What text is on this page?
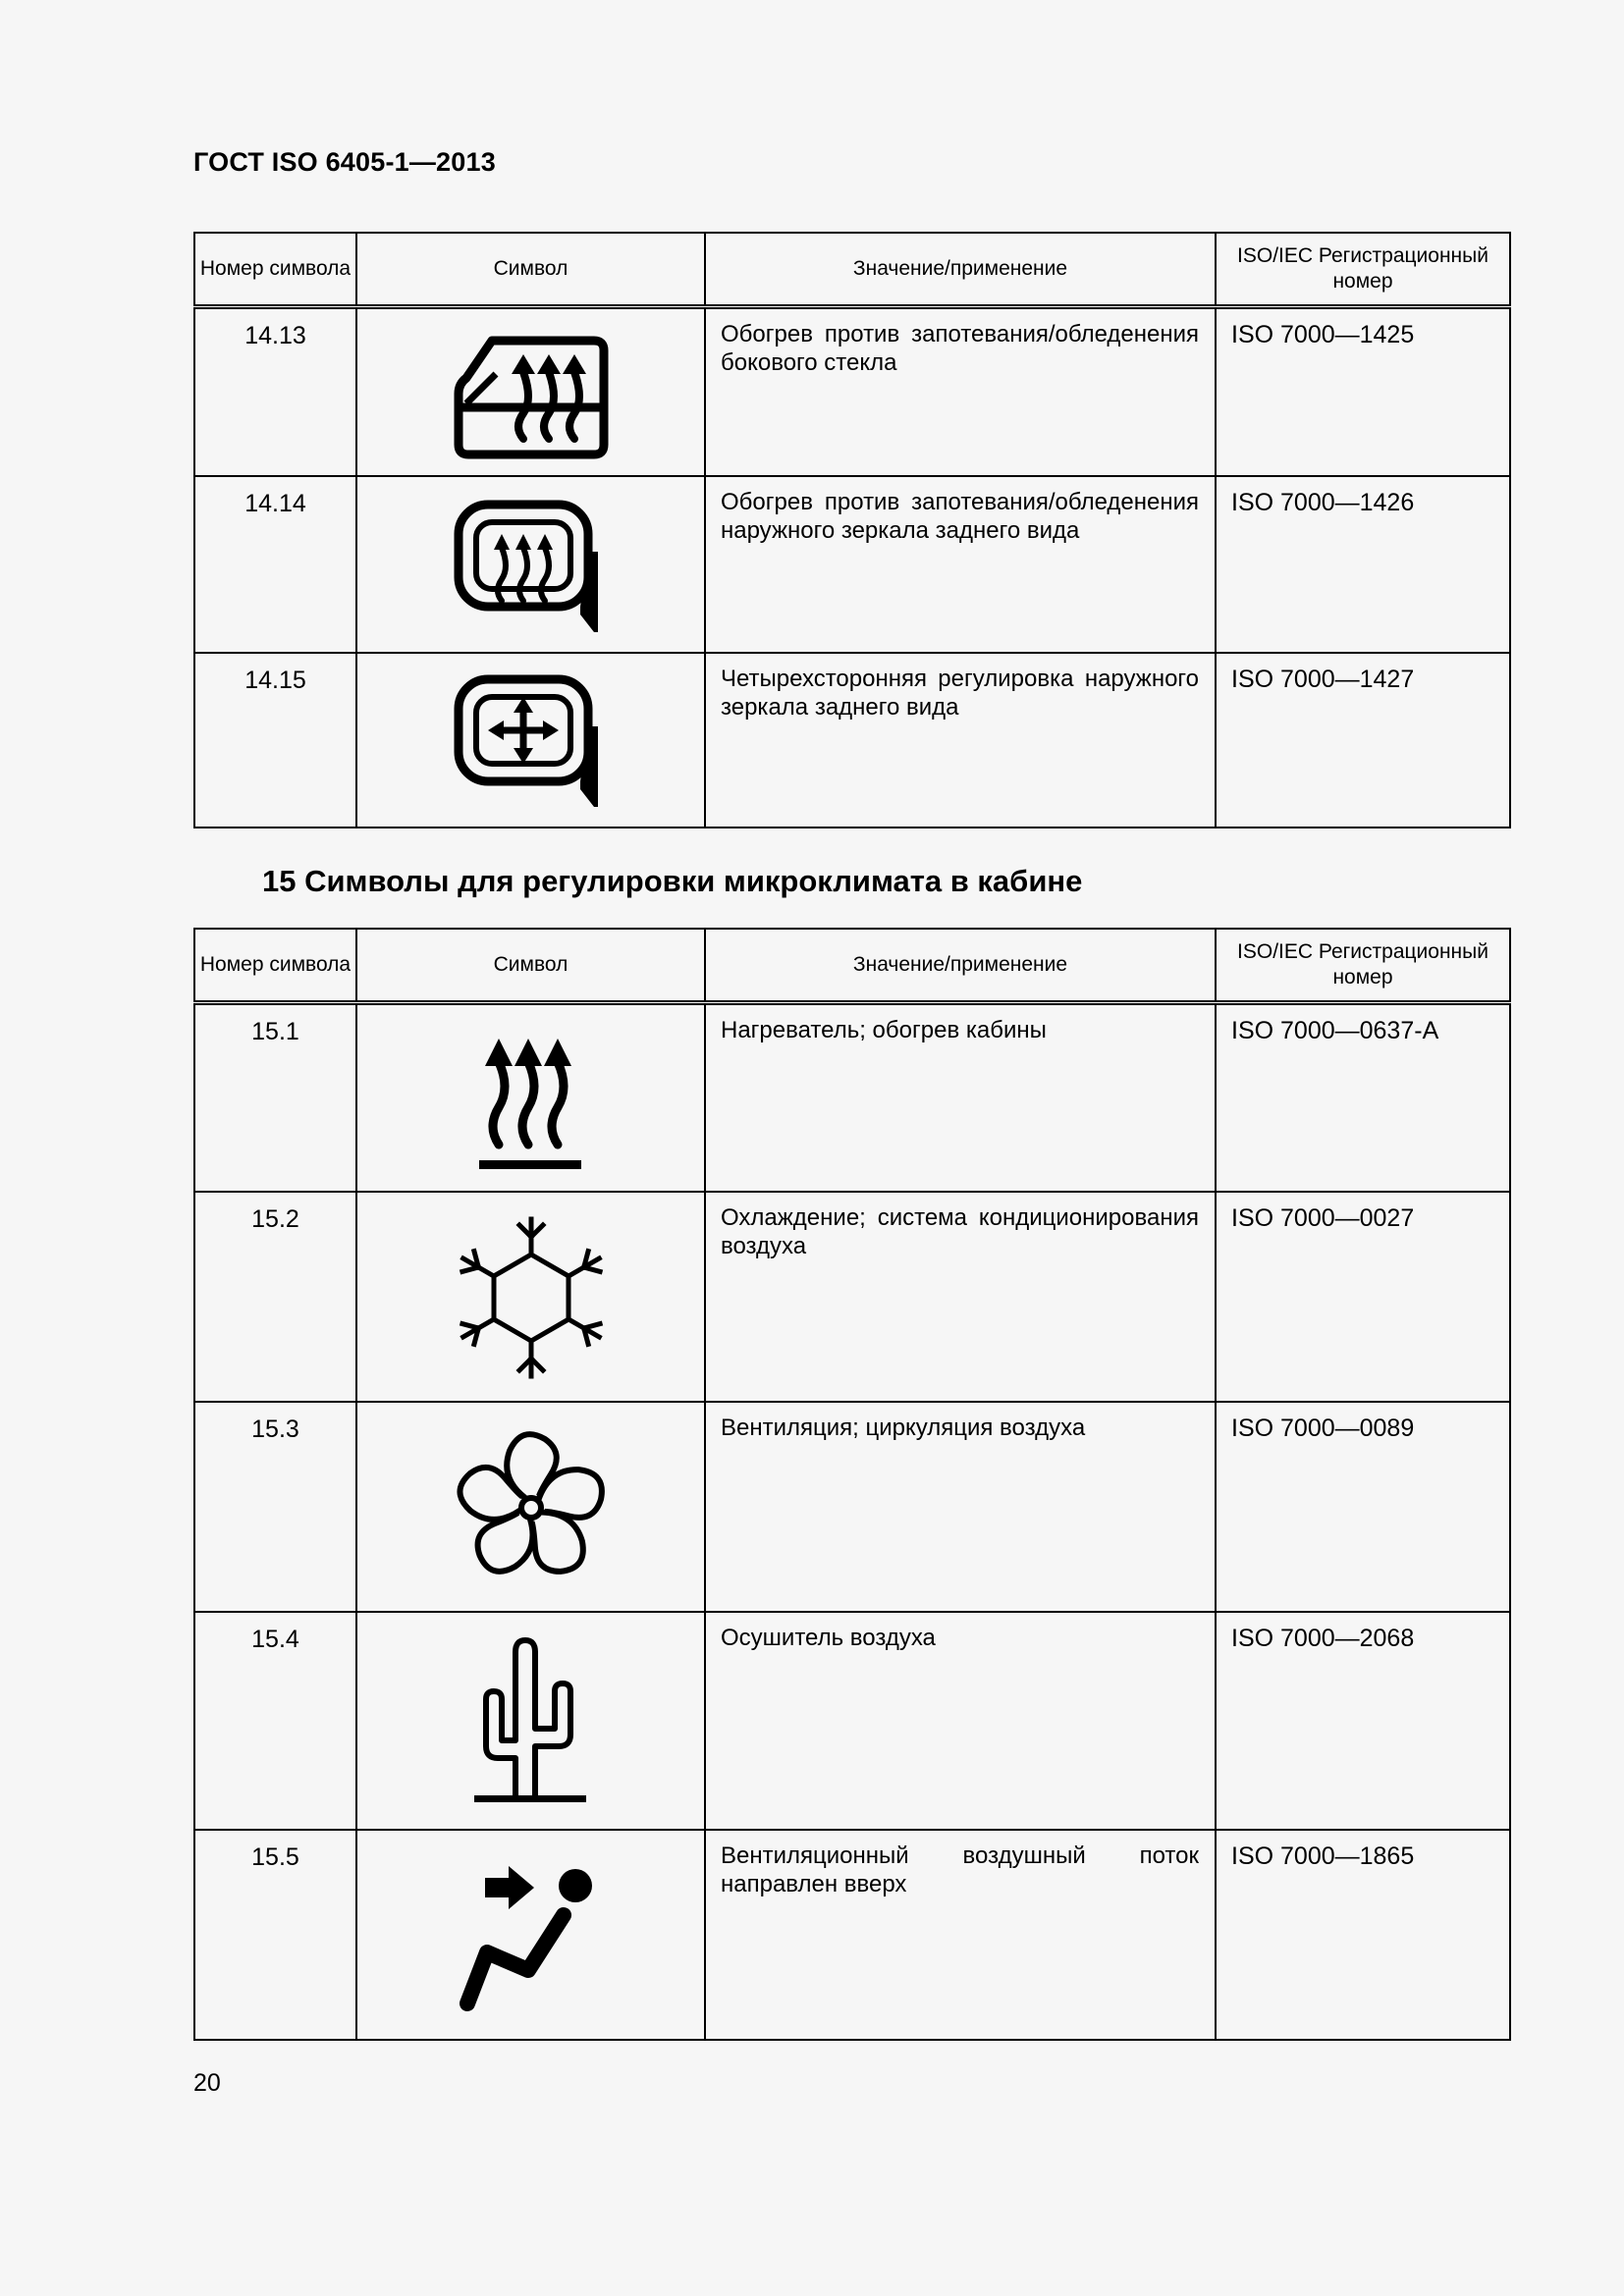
ГОСТ ISO 6405-1—2013
Номер символа	Символ	Значение/применение	ISO/IEC Регистрационный номер
14.13		Обогрев против запотевания/обледенения бокового стекла	ISO 7000—1425
14.14		Обогрев против запотевания/обледенения наружного зеркала заднего вида	ISO 7000—1426
14.15		Четырехсторонняя регулировка наружного зеркала заднего вида	ISO 7000—1427
15 Символы для регулировки микроклимата в кабине
Номер символа	Символ	Значение/применение	ISO/IEC Регистрационный номер
15.1		Нагреватель; обогрев кабины	ISO 7000—0637-А
15.2		Охлаждение; система кондиционирования воздуха	ISO 7000—0027
15.3		Вентиляция; циркуляция воздуха	ISO 7000—0089
15.4		Осушитель воздуха	ISO 7000—2068
15.5		Вентиляционный воздушный поток направлен вверх	ISO 7000—1865
20
